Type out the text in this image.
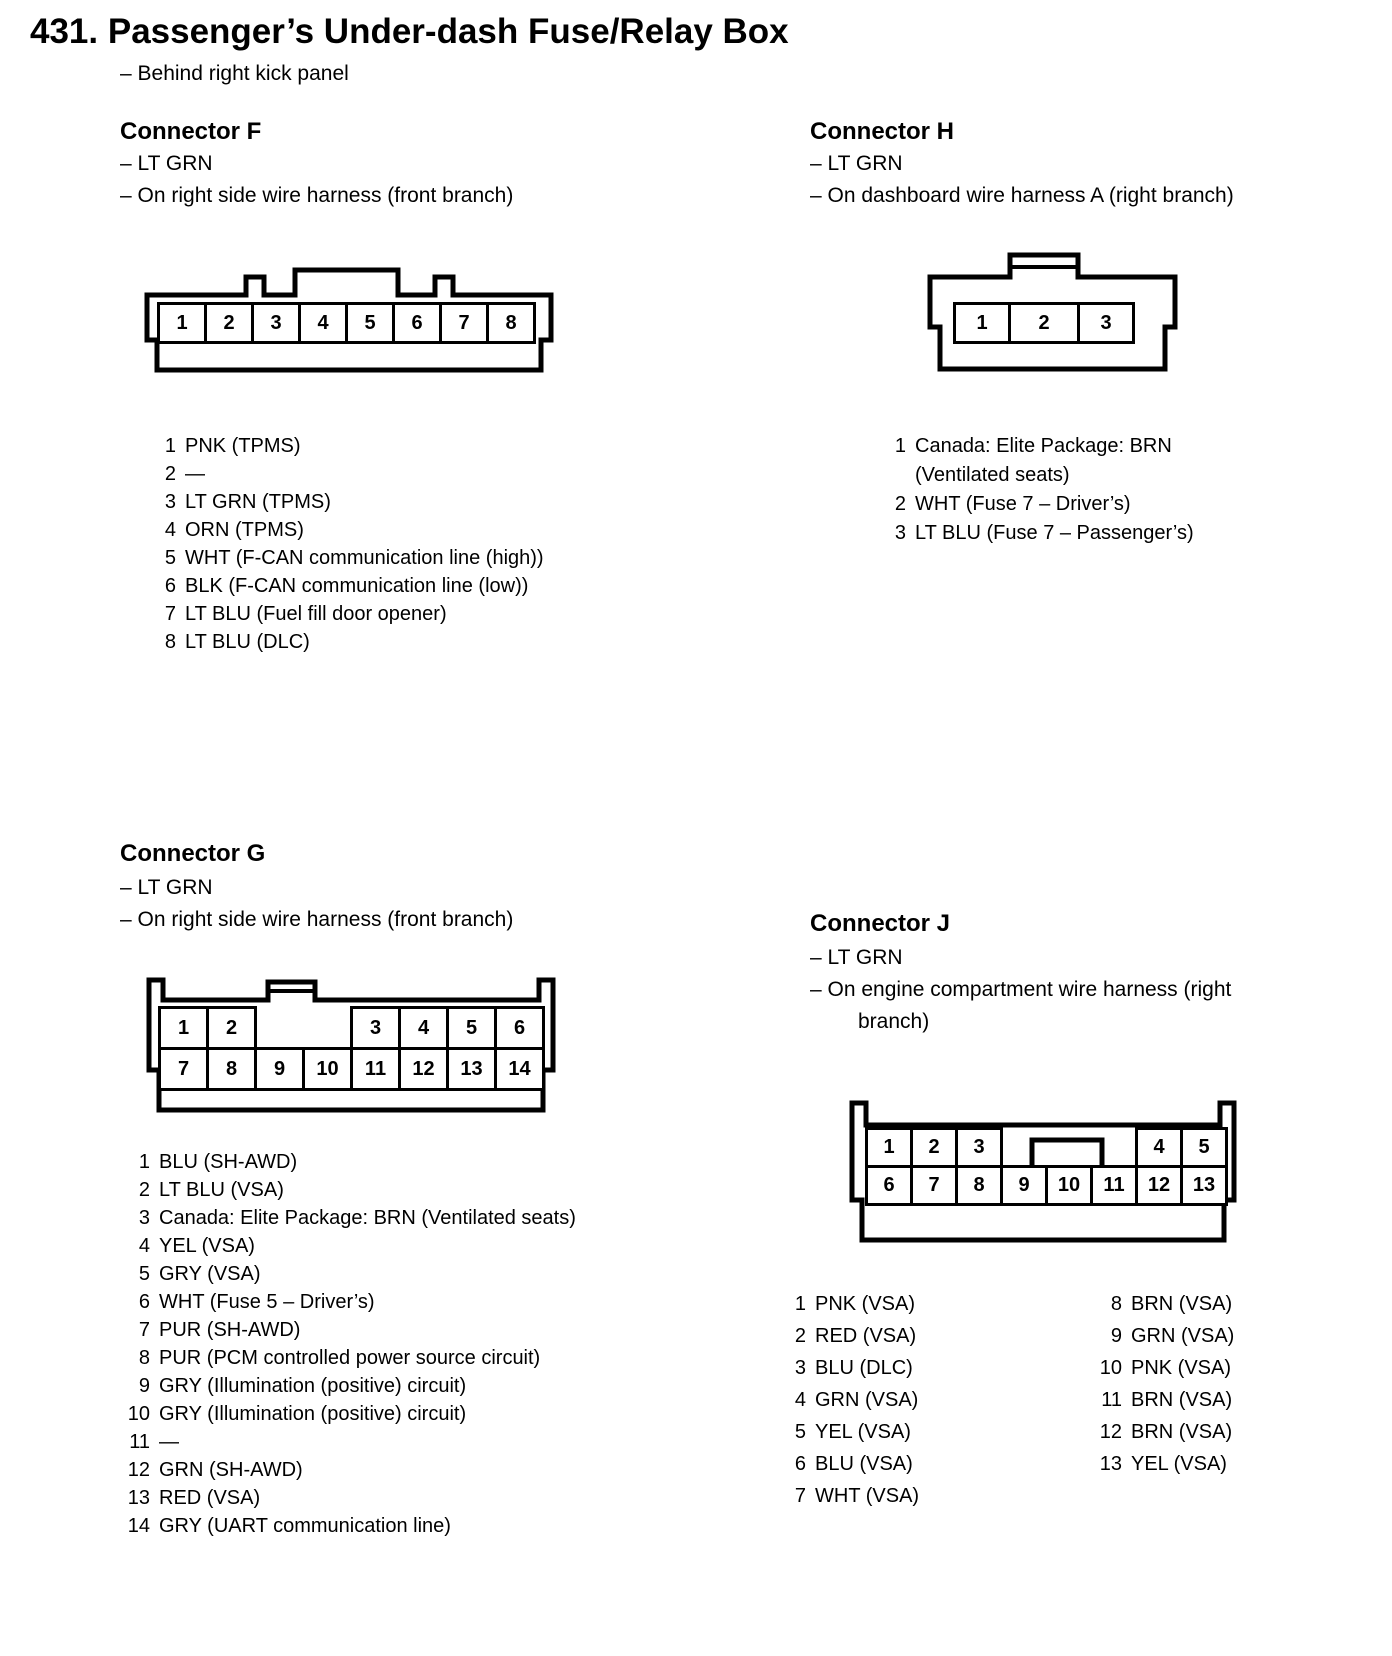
431. Passenger’s Under-dash Fuse/Relay Box
– Behind right kick panel
Connector F
– LT GRN
– On right side wire harness (front branch)
1	2	3	4	5	6	7	8
1 PNK (TPMS)
2 —
3 LT GRN (TPMS)
4 ORN (TPMS)
5 WHT (F-CAN communication line (high))
6 BLK (F-CAN communication line (low))
7 LT BLU (Fuel fill door opener)
8 LT BLU (DLC)
Connector H
– LT GRN
– On dashboard wire harness A (right branch)
1	2	3
1 Canada: Elite Package: BRN
(Ventilated seats)
2 WHT (Fuse 7 – Driver’s)
3 LT BLU (Fuse 7 – Passenger’s)
Connector G
– LT GRN
– On right side wire harness (front branch)
1	2	3	4	5	6
7	8	9	10	11	12	13	14
1 BLU (SH-AWD)
2 LT BLU (VSA)
3 Canada: Elite Package: BRN (Ventilated seats)
4 YEL (VSA)
5 GRY (VSA)
6 WHT (Fuse 5 – Driver’s)
7 PUR (SH-AWD)
8 PUR (PCM controlled power source circuit)
9 GRY (Illumination (positive) circuit)
10 GRY (Illumination (positive) circuit)
11 —
12 GRN (SH-AWD)
13 RED (VSA)
14 GRY (UART communication line)
Connector J
– LT GRN
– On engine compartment wire harness (right
branch)
1	2	3	4	5
6	7	8	9	10	11	12	13
1 PNK (VSA)
2 RED (VSA)
3 BLU (DLC)
4 GRN (VSA)
5 YEL (VSA)
6 BLU (VSA)
7 WHT (VSA)
8 BRN (VSA)
9 GRN (VSA)
10 PNK (VSA)
11 BRN (VSA)
12 BRN (VSA)
13 YEL (VSA)
